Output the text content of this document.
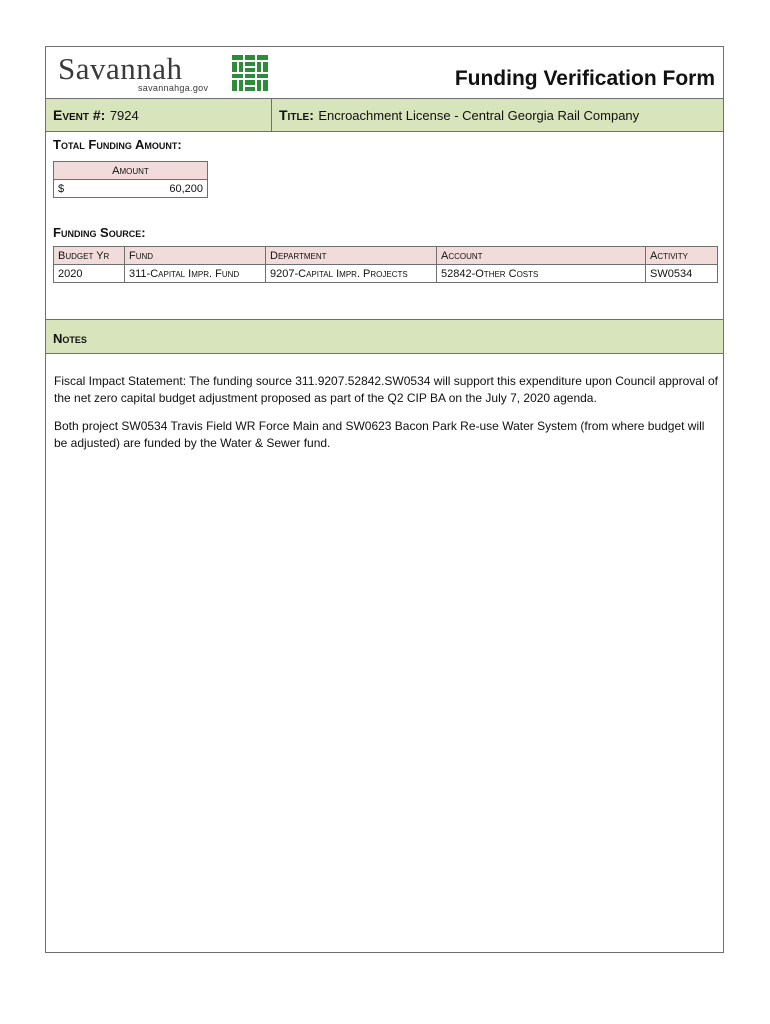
Savannah
savannahga.gov	Funding Verification Form
Event #: 7924	Title: Encroachment License - Central Georgia Rail Company
Total Funding Amount:
Amount

$	60,200
Funding Source:
Budget Yr	Fund	Department	Account	Activity
2020	311-Capital Impr. Fund	9207-Capital Impr. Projects	52842-Other Costs	SW0534
Notes

Fiscal Impact Statement: The funding source 311.9207.52842.SW0534 will support this expenditure upon Council approval of the net zero capital budget adjustment proposed as part of the Q2 CIP BA on the July 7, 2020 agenda.

Both project SW0534 Travis Field WR Force Main and SW0623 Bacon Park Re-use Water System (from where budget will be adjusted) are funded by the Water & Sewer fund.
